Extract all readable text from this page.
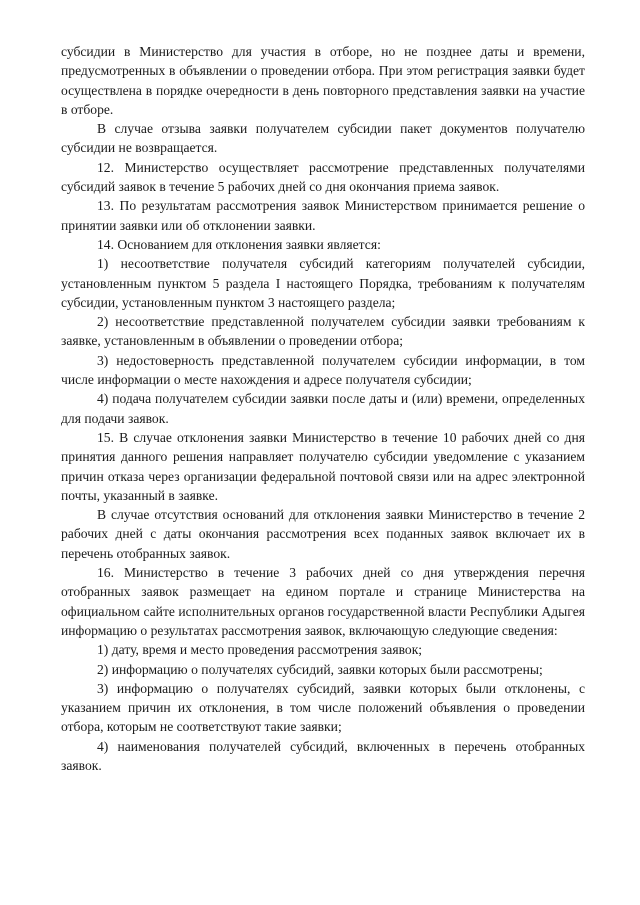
субсидии в Министерство для участия в отборе, но не позднее даты и времени, предусмотренных в объявлении о проведении отбора. При этом регистрация заявки будет осуществлена в порядке очередности в день повторного представления заявки на участие в отборе.

В случае отзыва заявки получателем субсидии пакет документов получателю субсидии не возвращается.

12. Министерство осуществляет рассмотрение представленных получателями субсидий заявок в течение 5 рабочих дней со дня окончания приема заявок.

13. По результатам рассмотрения заявок Министерством принимается решение о принятии заявки или об отклонении заявки.

14. Основанием для отклонения заявки является:

1) несоответствие получателя субсидий категориям получателей субсидии, установленным пунктом 5 раздела I настоящего Порядка, требованиям к получателям субсидии, установленным пунктом 3 настоящего раздела;

2) несоответствие представленной получателем субсидии заявки требованиям к заявке, установленным в объявлении о проведении отбора;

3) недостоверность представленной получателем субсидии информации, в том числе информации о месте нахождения и адресе получателя субсидии;

4) подача получателем субсидии заявки после даты и (или) времени, определенных для подачи заявок.

15. В случае отклонения заявки Министерство в течение 10 рабочих дней со дня принятия данного решения направляет получателю субсидии уведомление с указанием причин отказа через организации федеральной почтовой связи или на адрес электронной почты, указанный в заявке.

В случае отсутствия оснований для отклонения заявки Министерство в течение 2 рабочих дней с даты окончания рассмотрения всех поданных заявок включает их в перечень отобранных заявок.

16. Министерство в течение 3 рабочих дней со дня утверждения перечня отобранных заявок размещает на едином портале и странице Министерства на официальном сайте исполнительных органов государственной власти Республики Адыгея информацию о результатах рассмотрения заявок, включающую следующие сведения:

1) дату, время и место проведения рассмотрения заявок;

2) информацию о получателях субсидий, заявки которых были рассмотрены;

3) информацию о получателях субсидий, заявки которых были отклонены, с указанием причин их отклонения, в том числе положений объявления о проведении отбора, которым не соответствуют такие заявки;

4) наименования получателей субсидий, включенных в перечень отобранных заявок.
